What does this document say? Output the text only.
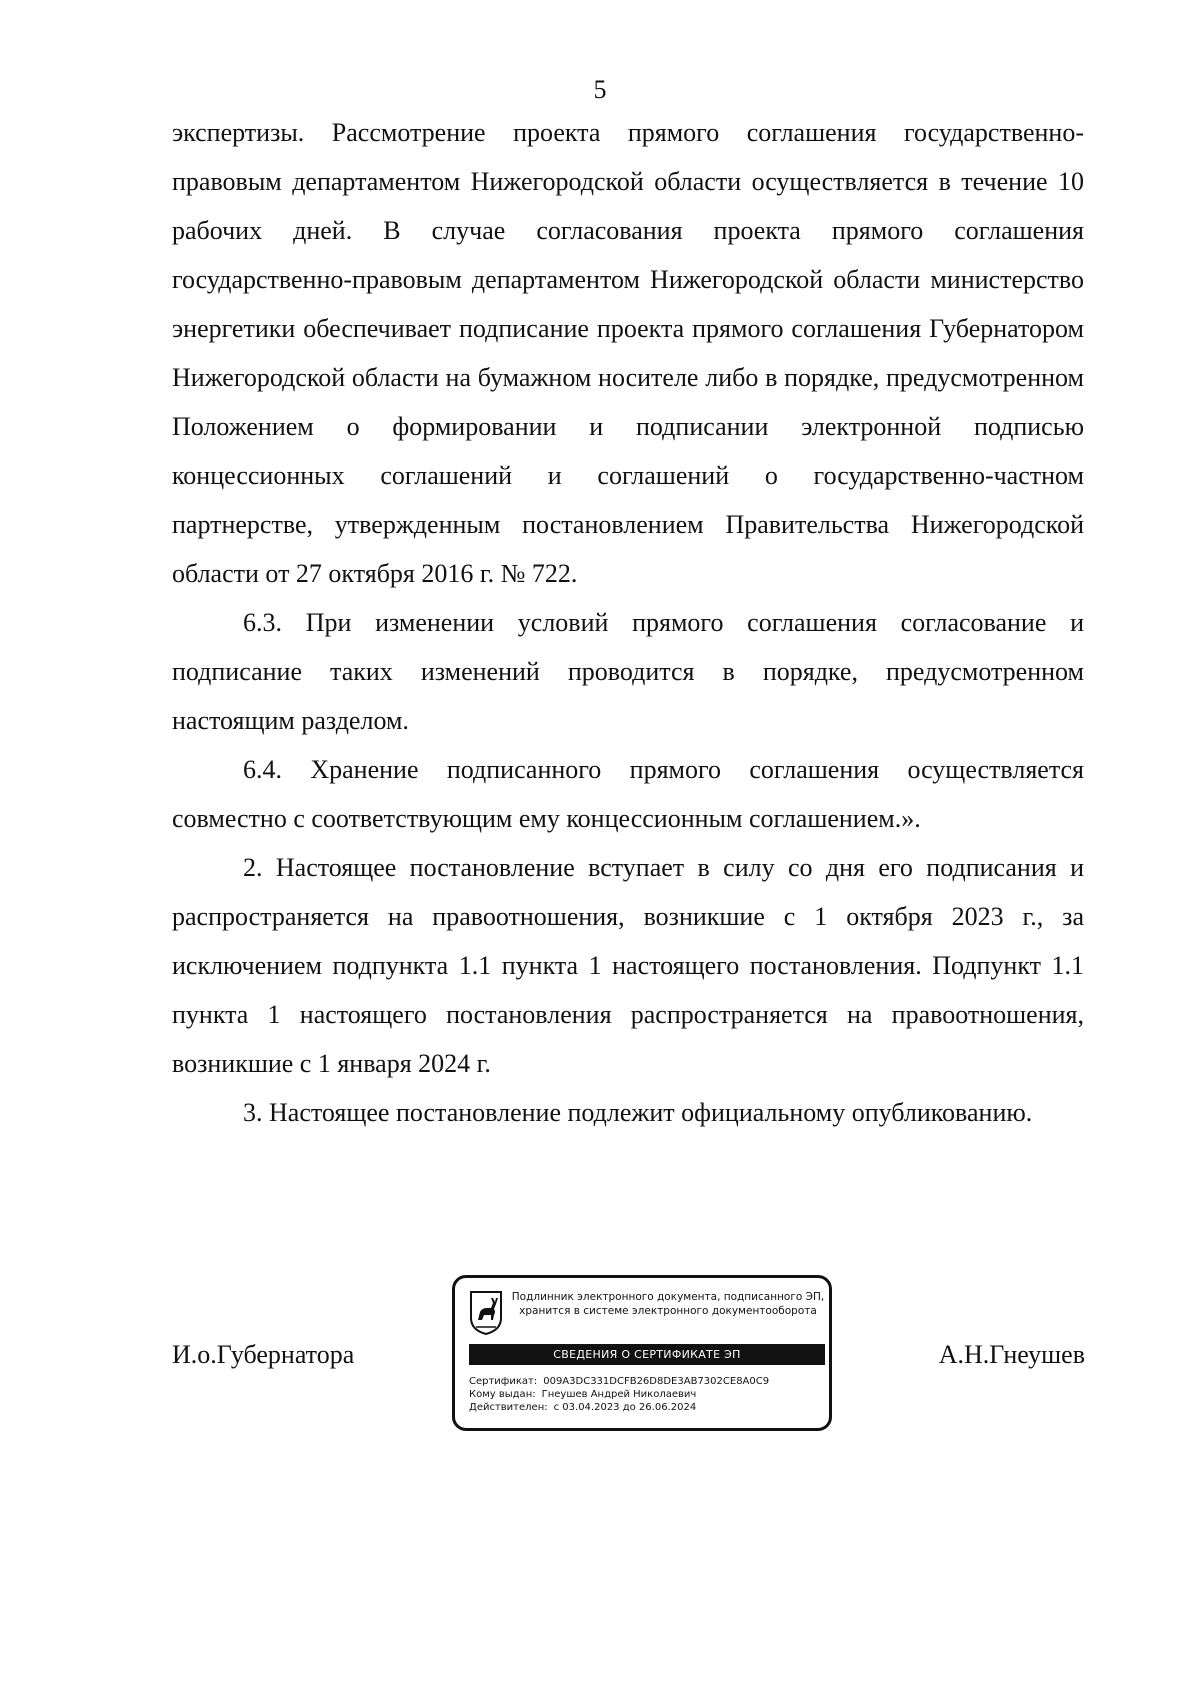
5

экспертизы. Рассмотрение проекта прямого соглашения государственно-правовым департаментом Нижегородской области осуществляется в течение 10 рабочих дней. В случае согласования проекта прямого соглашения государственно-правовым департаментом Нижегородской области министерство энергетики обеспечивает подписание проекта прямого соглашения Губернатором Нижегородской области на бумажном носителе либо в порядке, предусмотренном Положением о формировании и подписании электронной подписью концессионных соглашений и соглашений о государственно-частном партнерстве, утвержденным постановлением Правительства Нижегородской области от 27 октября 2016 г. № 722.

6.3. При изменении условий прямого соглашения согласование и подписание таких изменений проводится в порядке, предусмотренном настоящим разделом.

6.4. Хранение подписанного прямого соглашения осуществляется совместно с соответствующим ему концессионным соглашением.».

2. Настоящее постановление вступает в силу со дня его подписания и распространяется на правоотношения, возникшие с 1 октября 2023 г., за исключением подпункта 1.1 пункта 1 настоящего постановления. Подпункт 1.1 пункта 1 настоящего постановления распространяется на правоотношения, возникшие с 1 января 2024 г.

3. Настоящее постановление подлежит официальному опубликованию.

И.о.Губернатора
Подлинник электронного документа, подписанного ЭП,
хранится в системе электронного документооборота
СВЕДЕНИЯ О СЕРТИФИКАТЕ ЭП
Сертификат: 009A3DC331DCFB26D8DE3AB7302CE8A0C9
Кому выдан: Гнеушев Андрей Николаевич
Действителен: с 03.04.2023 до 26.06.2024
А.Н.Гнеушев
